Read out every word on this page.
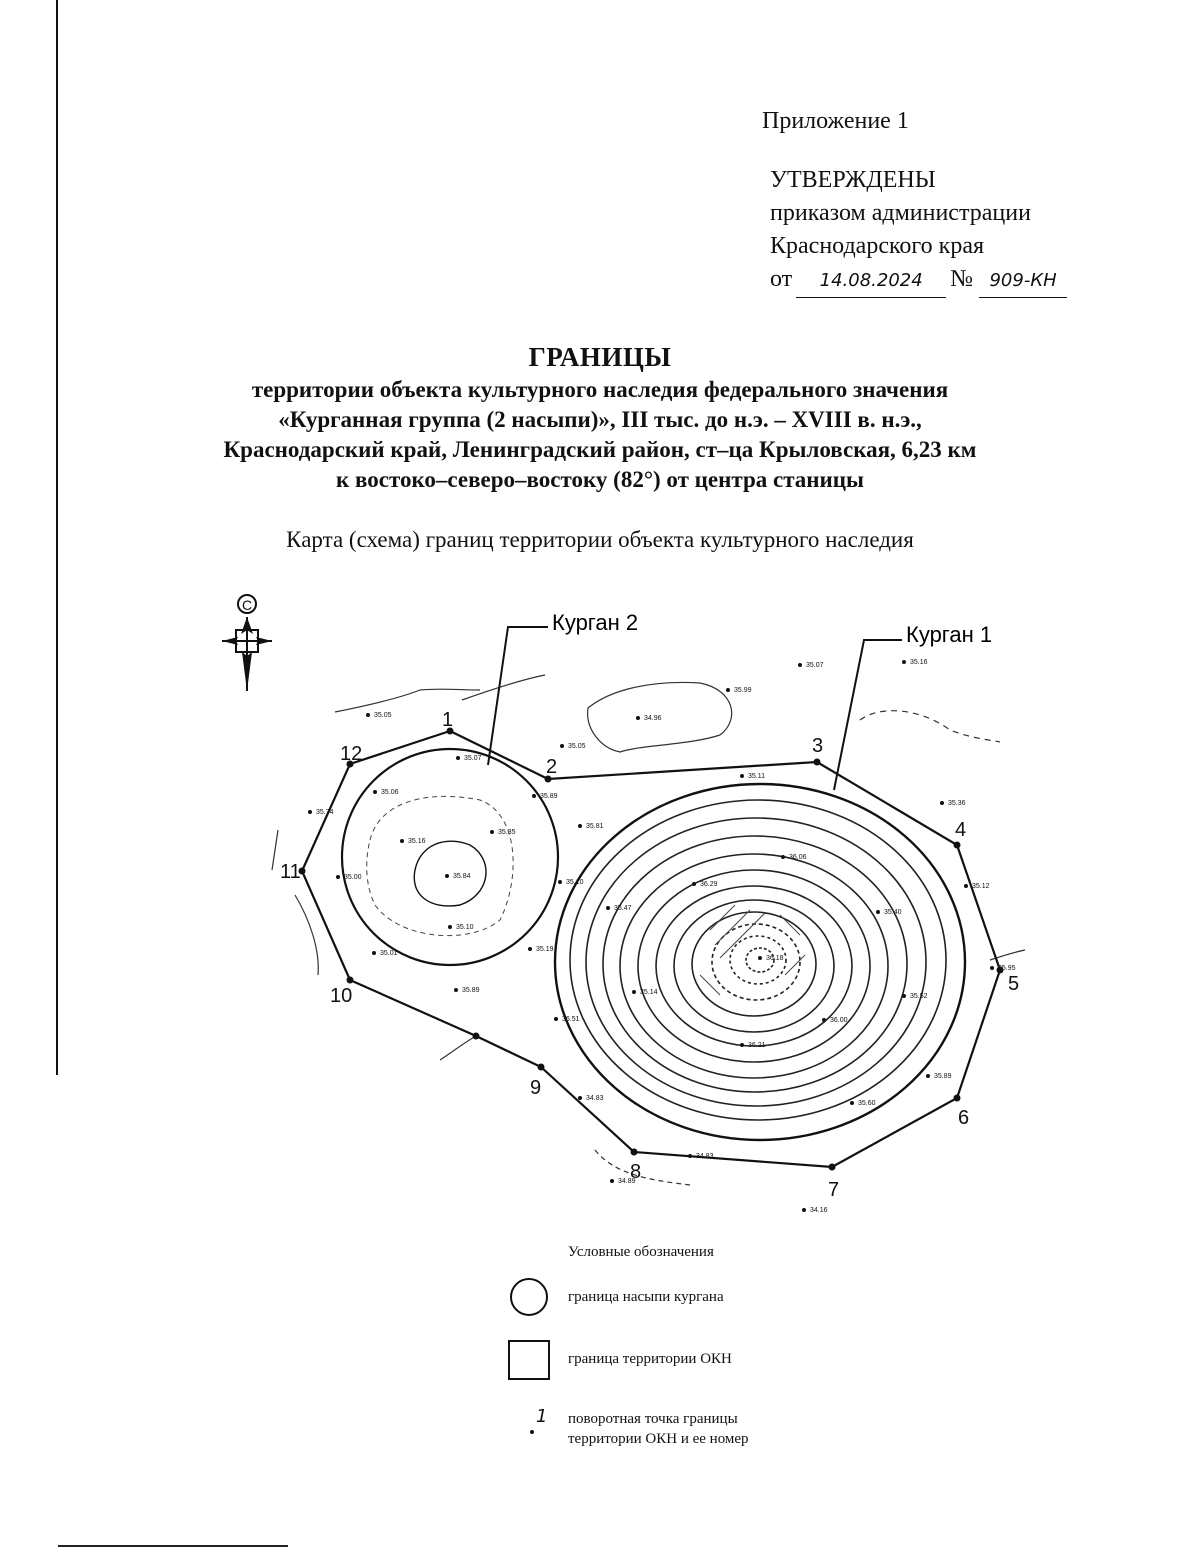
Приложение 1
УТВЕРЖДЕНЫ
приказом администрации
Краснодарского края
от 14.08.2024 № 909-КН
ГРАНИЦЫ
территории объекта культурного наследия федерального значения
«Курганная группа (2 насыпи)», III тыс. до н.э. – XVIII в. н.э.,
Краснодарский край, Ленинградский район, ст–ца Крыловская, 6,23 км
к востоко–северо–востоку (82°) от центра станицы
Карта (схема) границ территории объекта культурного наследия
С
Курган 2	Курган 1
1
2
3
4
5
6
7
8
9
10
11
12
35.07	35.16
35.05
35.99
34.96
35.05
35.07
35.89
35.11
35.06
35.74
35.36
35.16
35.00
35.35
35.01
35.10
35.89
35.81
35.84
35.10
35.12
35.19
35.47
35.40
35.52
35.95
36.06
36.29
36.18
35.14
36.00
36.21
36.51
35.60
35.89
34.83
34.83
34.89
34.16
Условные обозначения
граница насыпи кургана
граница территории ОКН
1 поворотная точка границы
территории ОКН и ее номер
